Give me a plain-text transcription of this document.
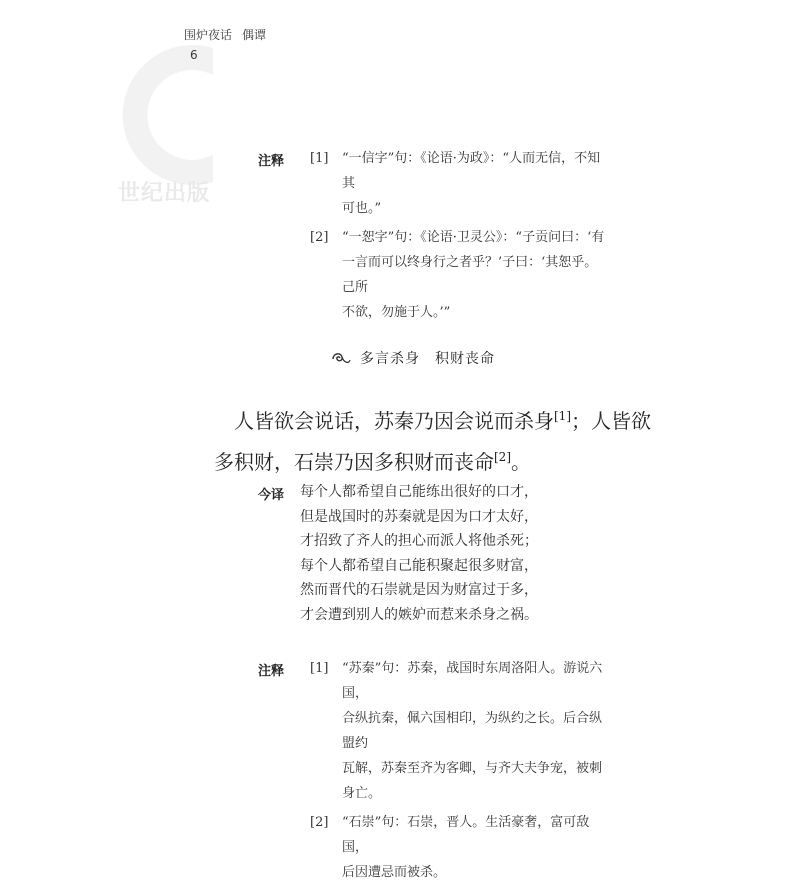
世纪出版
围炉夜话 偶谭
6
注释 [1] “一信字”句：《论语·为政》：“人而无信，不知其
可也。”
[2] “一恕字”句：《论语·卫灵公》：“子贡问曰：‘有
一言而可以终身行之者乎？’子曰：‘其恕乎。己所
不欲，勿施于人。’”
多言杀身　积财丧命
人皆欲会说话，苏秦乃因会说而杀身[1]；人皆欲
多积财，石崇乃因多积财而丧命[2]。
今译 每个人都希望自己能练出很好的口才，
但是战国时的苏秦就是因为口才太好，
才招致了齐人的担心而派人将他杀死；
每个人都希望自己能积聚起很多财富，
然而晋代的石崇就是因为财富过于多，
才会遭到别人的嫉妒而惹来杀身之祸。
注释 [1] “苏秦”句：苏秦，战国时东周洛阳人。游说六国，
合纵抗秦，佩六国相印，为纵约之长。后合纵盟约
瓦解，苏秦至齐为客卿，与齐大夫争宠，被刺身亡。
[2] “石崇”句：石崇，晋人。生活豪奢，富可敌国，
后因遭忌而被杀。
